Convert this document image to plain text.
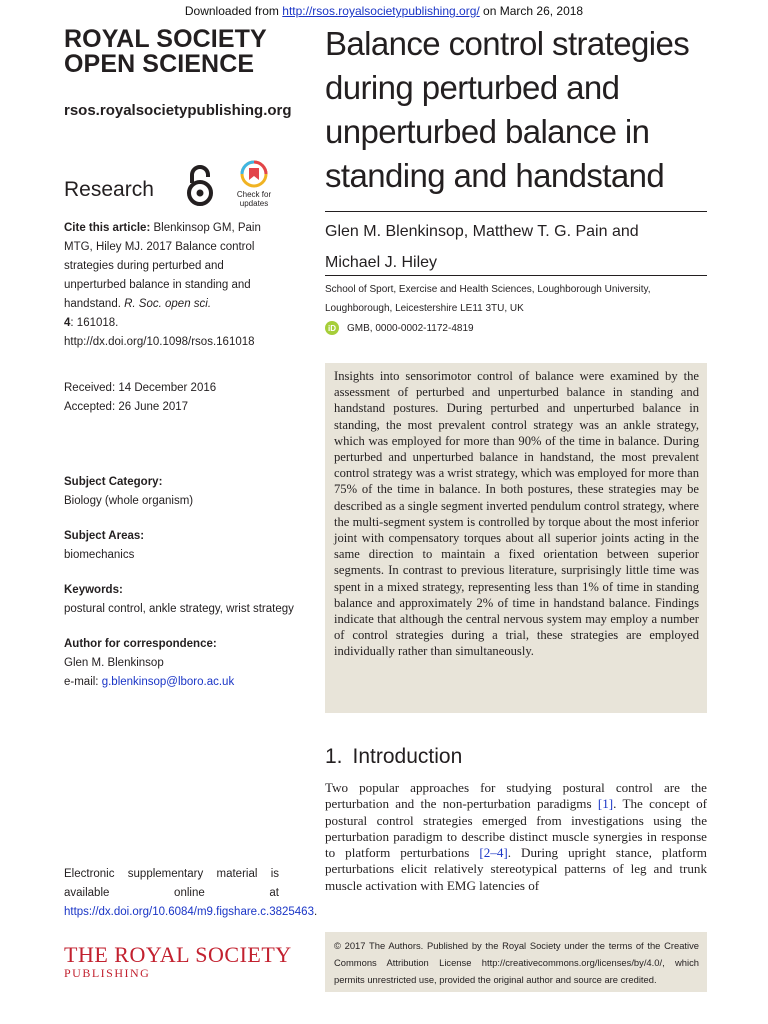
Downloaded from http://rsos.royalsocietypublishing.org/ on March 26, 2018
ROYAL SOCIETY
OPEN SCIENCE
rsos.royalsocietypublishing.org
Research	Check for
updates
Cite this article: Blenkinsop GM, Pain MTG, Hiley MJ. 2017 Balance control strategies during perturbed and unperturbed balance in standing and handstand. R. Soc. open sci.
4: 161018.
http://dx.doi.org/10.1098/rsos.161018
Received: 14 December 2016
Accepted: 26 June 2017
Subject Category:
Biology (whole organism)
Subject Areas:
biomechanics
Keywords:
postural control, ankle strategy, wrist strategy
Author for correspondence:
Glen M. Blenkinsop
e-mail: g.blenkinsop@lboro.ac.uk
Electronic supplementary material is available online at https://dx.doi.org/10.6084/m9.figshare.c.3825463.
THE ROYAL SOCIETY
PUBLISHING
Balance control strategies during perturbed and unperturbed balance in standing and handstand
Glen M. Blenkinsop, Matthew T. G. Pain and
Michael J. Hiley
School of Sport, Exercise and Health Sciences, Loughborough University,
Loughborough, Leicestershire LE11 3TU, UK
iD	GMB, 0000-0002-1172-4819

Insights into sensorimotor control of balance were examined by the assessment of perturbed and unperturbed balance in standing and handstand postures. During perturbed and unperturbed balance in standing, the most prevalent control strategy was an ankle strategy, which was employed for more than 90% of the time in balance. During perturbed and unperturbed balance in handstand, the most prevalent control strategy was a wrist strategy, which was employed for more than 75% of the time in balance. In both postures, these strategies may be described as a single segment inverted pendulum control strategy, where the multi-segment system is controlled by torque about the most inferior joint with compensatory torques about all superior joints acting in the same direction to maintain a fixed orientation between superior segments. In contrast to previous literature, surprisingly little time was spent in a mixed strategy, representing less than 1% of time in standing balance and approximately 2% of time in handstand balance. Findings indicate that although the central nervous system may employ a number of control strategies during a trial, these strategies are employed individually rather than simultaneously.

1. Introduction

Two popular approaches for studying postural control are the perturbation and the non-perturbation paradigms [1]. The concept of postural control strategies emerged from investigations using the perturbation paradigm to describe distinct muscle synergies in response to platform perturbations [2–4]. During upright stance, platform perturbations elicit relatively stereotypical patterns of leg and trunk muscle activation with EMG latencies of

© 2017 The Authors. Published by the Royal Society under the terms of the Creative Commons Attribution License http://creativecommons.org/licenses/by/4.0/, which permits unrestricted use, provided the original author and source are credited.
